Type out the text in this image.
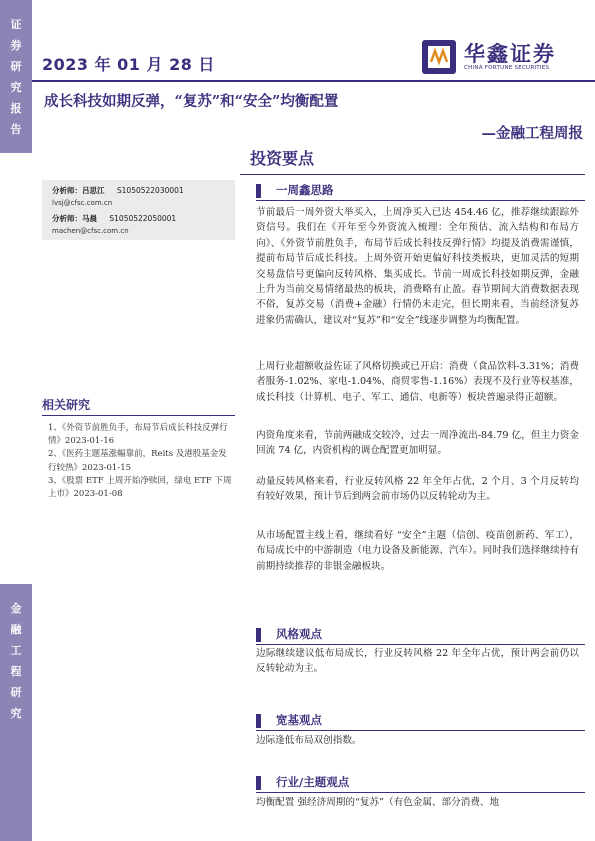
证
券
研
究
报
告
金
融
工
程
研
究
2023 年 01 月 28 日	华鑫证券
CHINA FORTUNE SECURITIES
成长科技如期反弹，“复苏”和“安全”均衡配置
—金融工程周报
投资要点
分析师：吕思江 S1050522030001
lvsj@cfsc.com.cn
分析师：马晨 S1050522050001
machen@cfsc.com.cn
相关研究
1、《外资节前胜负手，布局节后成长科技反弹行情》2023-01-16
2、《医药主题基涨幅靠前，Reits 及港股基金发行较热》2023-01-15
3、《股票 ETF 上周开始净赎回，绿电 ETF 下周上市》2023-01-08
一周鑫思路
节前最后一周外资大举买入，上周净买入已达 454.46 亿，推荐继续跟踪外资信号。我们在《开年至今外资流入梳理：全年预估、流入结构和布局方向》、《外资节前胜负手，布局节后成长科技反弹行情》均提及消费需谨慎，提前布局节后成长科技。上周外资开始更偏好科技类板块，更加灵活的短期交易盘信号更偏向反转风格、集买成长。节前一周成长科技如期反弹，金融上升为当前交易情绪最热的板块，消费略有止盈。春节期间大消费数据表现不俗，复苏交易（消费+金融）行情仍未走完，但长期来看，当前经济复苏进象仍需确认，建议对“复苏”和“安全”线逐步调整为均衡配置。
上周行业超额收益佐证了风格切换或已开启：消费（食品饮料-3.31%；消费者服务-1.02%、家电-1.04%、商贸零售-1.16%）表现不及行业等权基准，成长科技（计算机、电子、军工、通信、电新等）板块普遍录得正超额。
内资角度来看，节前两融成交较冷，过去一周净流出-84.79 亿，但主力资金回流 74 亿，内资机构的调仓配置更加明显。
动量反转风格来看，行业反转风格 22 年全年占优，2 个月、3 个月反转均有较好效果，预计节后到两会前市场仍以反转轮动为主。
从市场配置主线上看，继续看好 “安全”主题（信创、疫苗创新药、军工），布局成长中的中游制造（电力设备及新能源、汽车）。同时我们选择继续持有前期持续推荐的非银金融板块。
风格观点
边际继续建议低布局成长，行业反转风格 22 年全年占优，预计两会前仍以反转轮动为主。
宽基观点
边际逢低布局双创指数。
行业/主题观点
均衡配置 强经济周期的“复苏”（有色金属、部分消费、地
